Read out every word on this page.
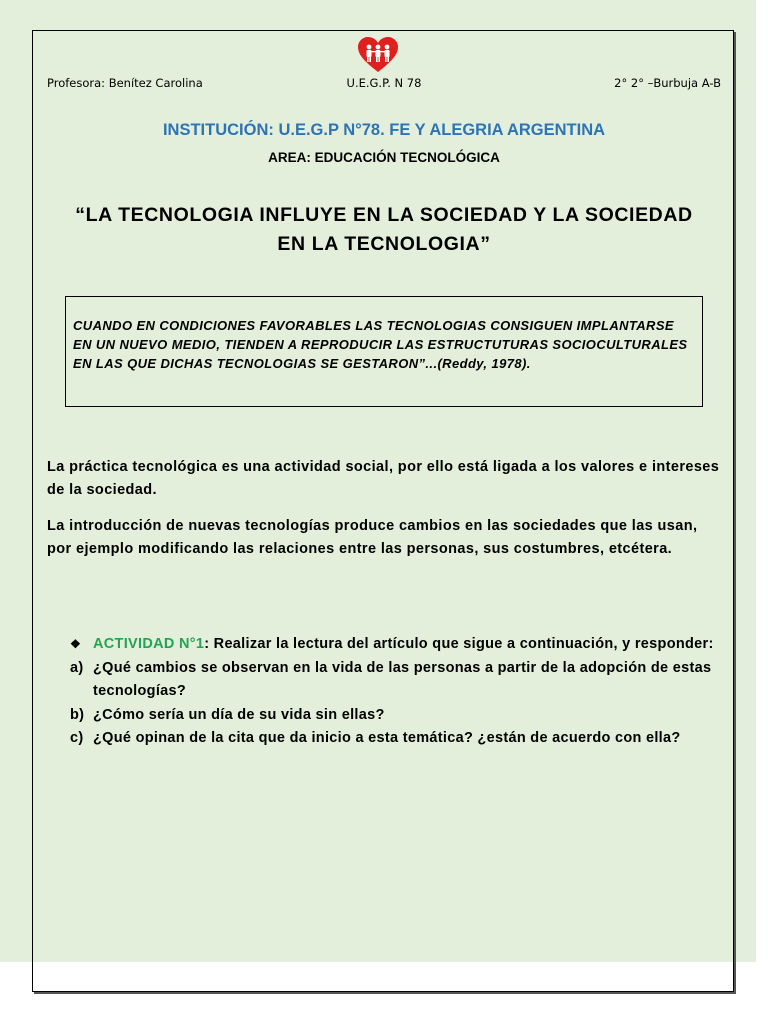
Profesora: Benítez Carolina	U.E.G.P. N 78	2° 2° –Burbuja A-B
INSTITUCIÓN: U.E.G.P N°78. FE Y ALEGRIA ARGENTINA
AREA: EDUCACIÓN TECNOLÓGICA
“LA TECNOLOGIA INFLUYE EN LA SOCIEDAD Y LA SOCIEDAD EN LA TECNOLOGIA”

CUANDO EN CONDICIONES FAVORABLES LAS TECNOLOGIAS CONSIGUEN IMPLANTARSE EN UN NUEVO MEDIO, TIENDEN A REPRODUCIR LAS ESTRUCTUTURAS SOCIOCULTURALES EN LAS QUE DICHAS TECNOLOGIAS SE GESTARON”...(Reddy, 1978).

La práctica tecnológica es una actividad social, por ello está ligada a los valores e intereses de la sociedad.

La introducción de nuevas tecnologías produce cambios en las sociedades que las usan, por ejemplo modificando las relaciones entre las personas, sus costumbres, etcétera.

❖ ACTIVIDAD N°1: Realizar la lectura del artículo que sigue a continuación, y responder:
a) ¿Qué cambios se observan en la vida de las personas a partir de la adopción de estas tecnologías?
b) ¿Cómo sería un día de su vida sin ellas?
c) ¿Qué opinan de la cita que da inicio a esta temática? ¿están de acuerdo con ella?
